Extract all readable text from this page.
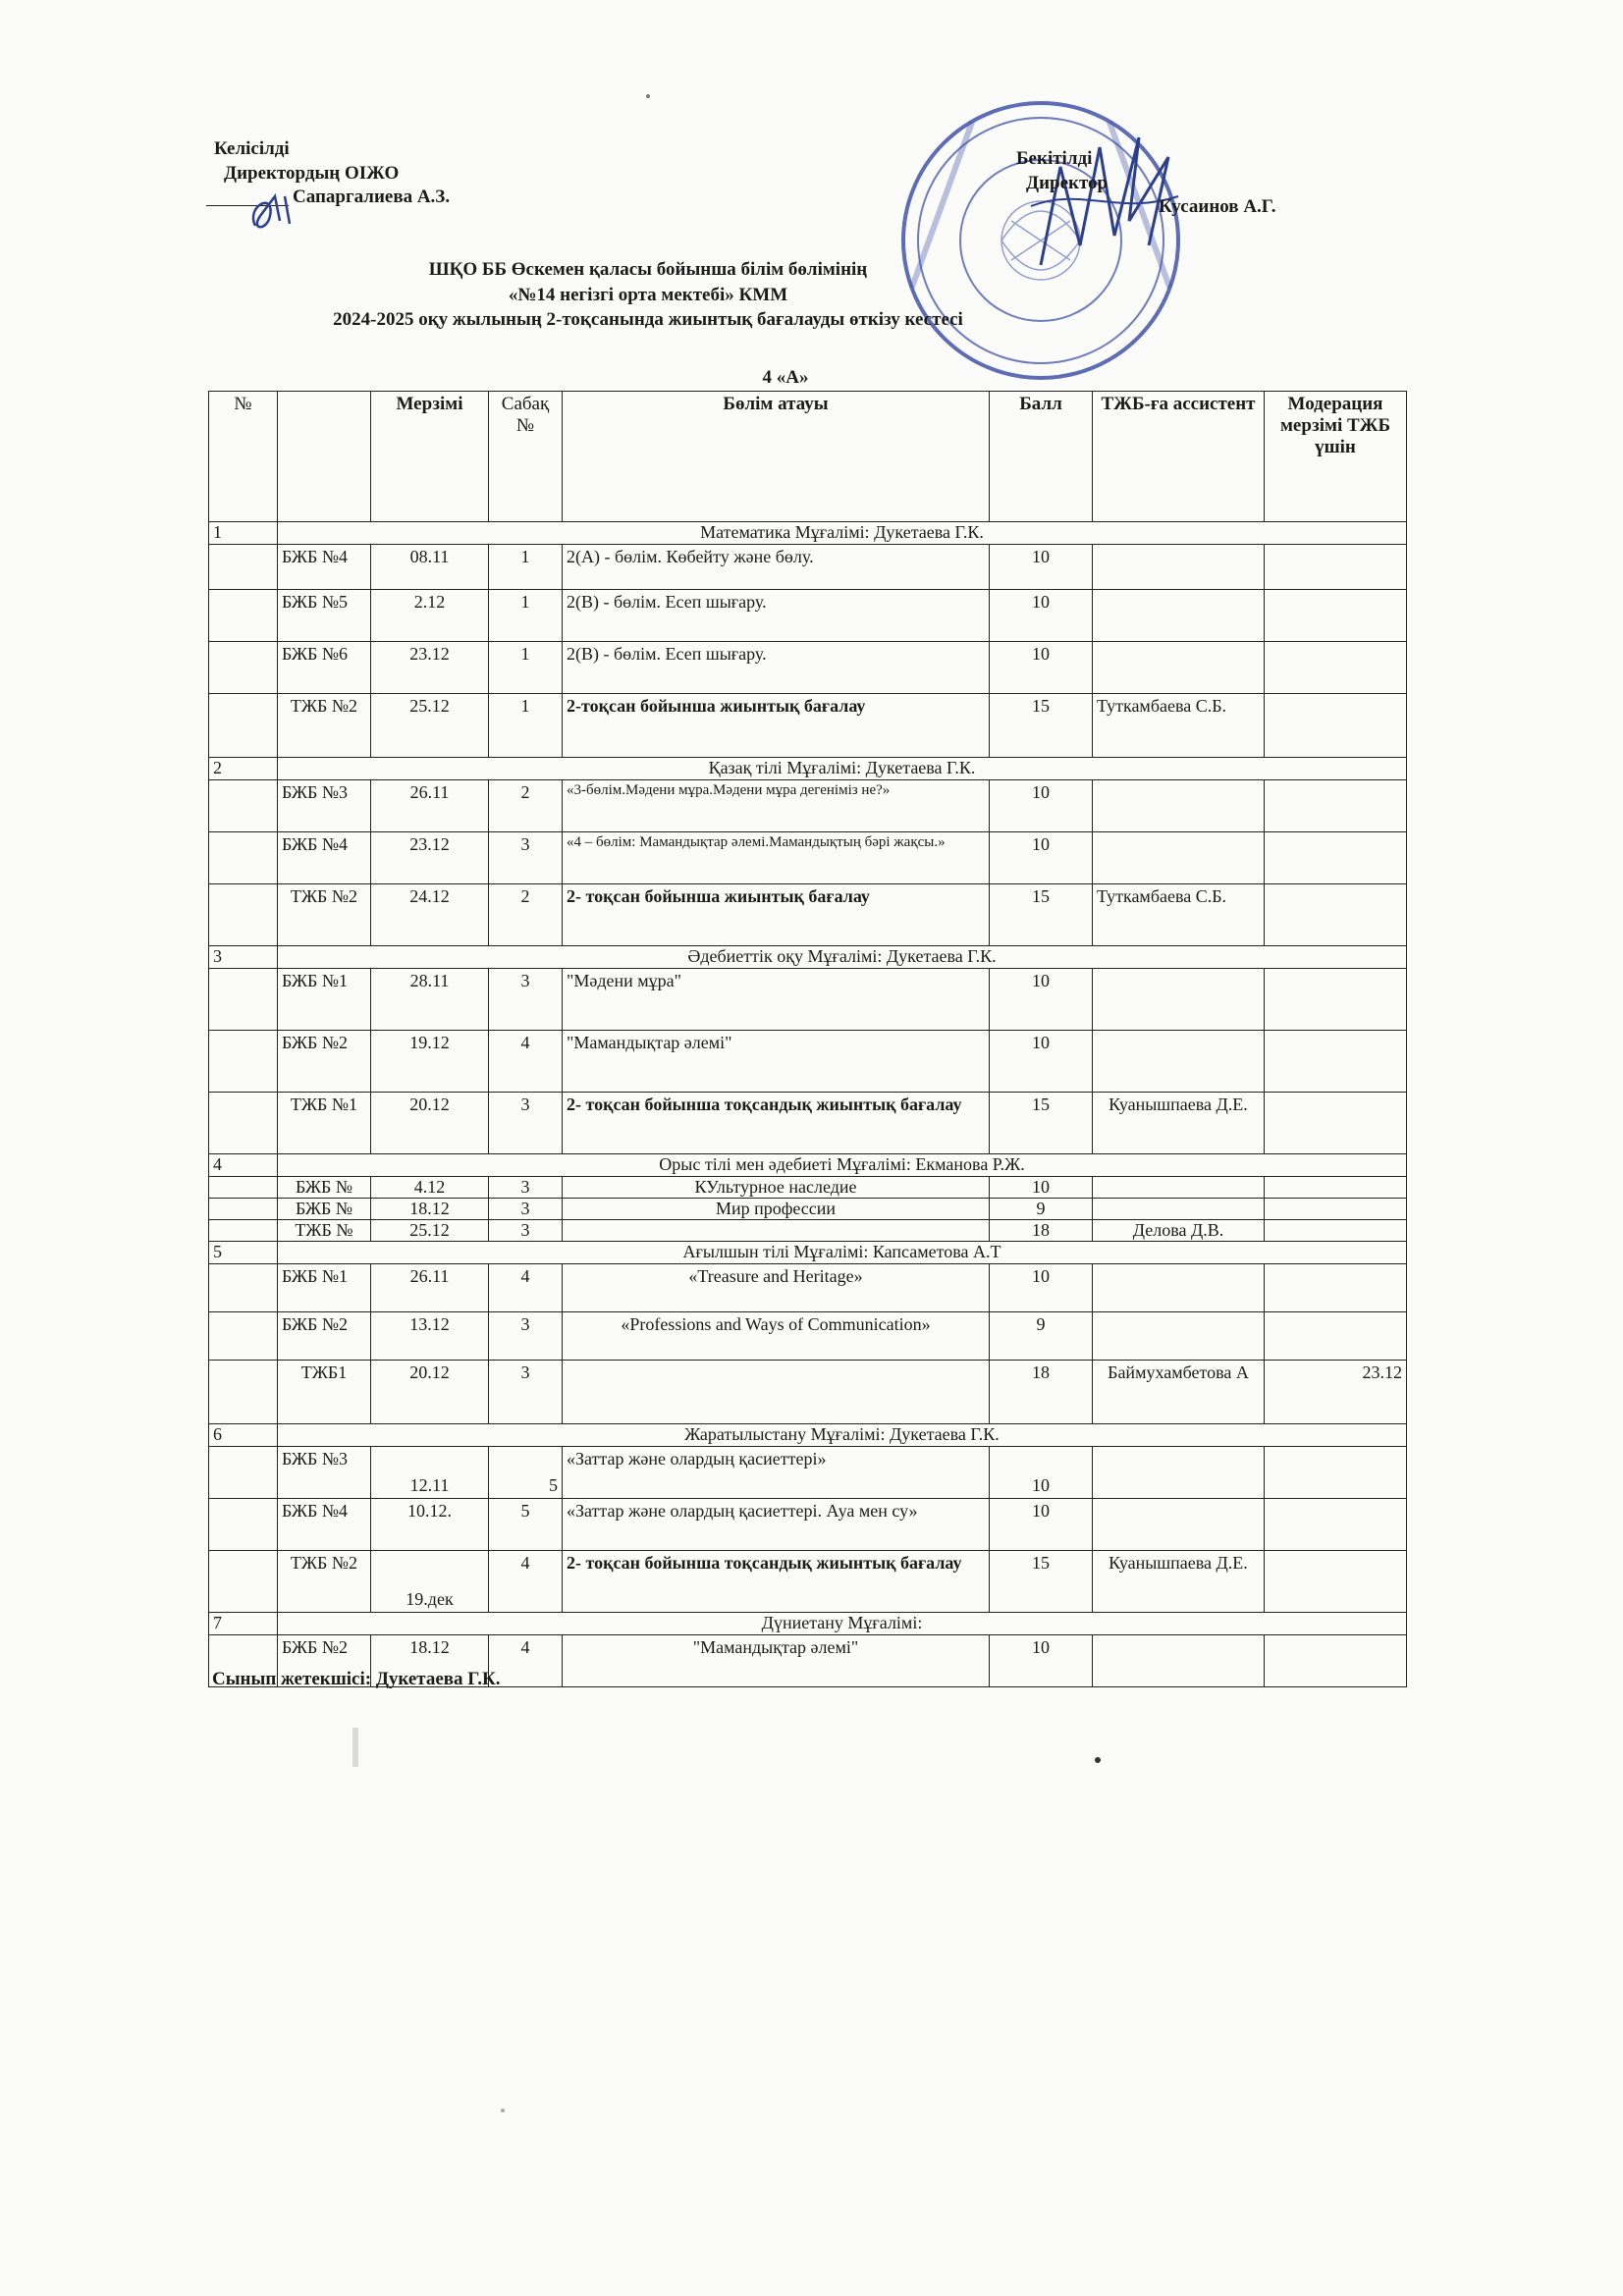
Келісілді
Директордың ОІЖО
Сапаргалиева А.З.
Бекітілді
Директор
Кусаинов А.Г.
ШҚО ББ Өскемен қаласы бойынша білім бөлімінің
«№14 негізгі орта мектебі» КММ
2024-2025 оқу жылының 2-тоқсанында жиынтық бағалауды өткізу кестесі
4 «А»
№		Мерзімі	Сабақ №	Бөлім атауы	Балл	ТЖБ-ға ассистент	Модерация мерзімі ТЖБ үшін
1	Математика Мұғалімі: Дукетаева Г.К.						
	БЖБ №4	08.11	1	2(А) - бөлім. Көбейту және бөлу.	10		
	БЖБ №5	2.12	1	2(В) - бөлім. Есеп шығару.	10		
	БЖБ №6	23.12	1	2(В) - бөлім. Есеп шығару.	10		
	ТЖБ №2	25.12	1	2-тоқсан бойынша жиынтық бағалау	15	Туткамбаева С.Б.	
2	Қазақ тілі Мұғалімі: Дукетаева Г.К.						
	БЖБ №3	26.11	2	«3-бөлім.Мәдени мұра.Мәдени мұра дегеніміз не?»	10		
	БЖБ №4	23.12	3	«4 – бөлім: Мамандықтар әлемі.Мамандықтың бәрі жақсы.»	10		
	ТЖБ №2	24.12	2	2- тоқсан бойынша жиынтық бағалау	15	Туткамбаева С.Б.	
3	Әдебиеттік оқу Мұғалімі: Дукетаева Г.К.						
	БЖБ №1	28.11	3	"Мәдени мұра"	10		
	БЖБ №2	19.12	4	"Мамандықтар әлемі"	10		
	ТЖБ №1	20.12	3	2- тоқсан бойынша тоқсандық жиынтық бағалау	15	Куанышпаева Д.Е.	
4	Орыс тілі мен әдебиеті Мұғалімі: Екманова Р.Ж.						
	БЖБ №	4.12	3	КУльтурное наследие	10		
	БЖБ №	18.12	3	Мир профессии	9		
	ТЖБ №	25.12	3		18	Делова Д.В.	
5	Ағылшын тілі Мұғалімі: Капсаметова А.Т						
	БЖБ №1	26.11	4	«Treasure and Heritage»	10		
	БЖБ №2	13.12	3	«Professions and Ways of Communication»	9		
	ТЖБ1	20.12	3		18	Баймухамбетова А	23.12
6	Жаратылыстану Мұғалімі: Дукетаева Г.К.						
	БЖБ №3	12.11	5	«Заттар және олардың қасиеттері»	10		
	БЖБ №4	10.12.	5	«Заттар және олардың қасиеттері. Ауа мен су»	10		
	ТЖБ №2	19.дек	4	2- тоқсан бойынша тоқсандық жиынтық бағалау	15	Куанышпаева Д.Е.	
7	Дүниетану Мұғалімі:						
	БЖБ №2	18.12	4	"Мамандықтар әлемі"	10		
Сынып жетекшісі: Дукетаева Г.К.
